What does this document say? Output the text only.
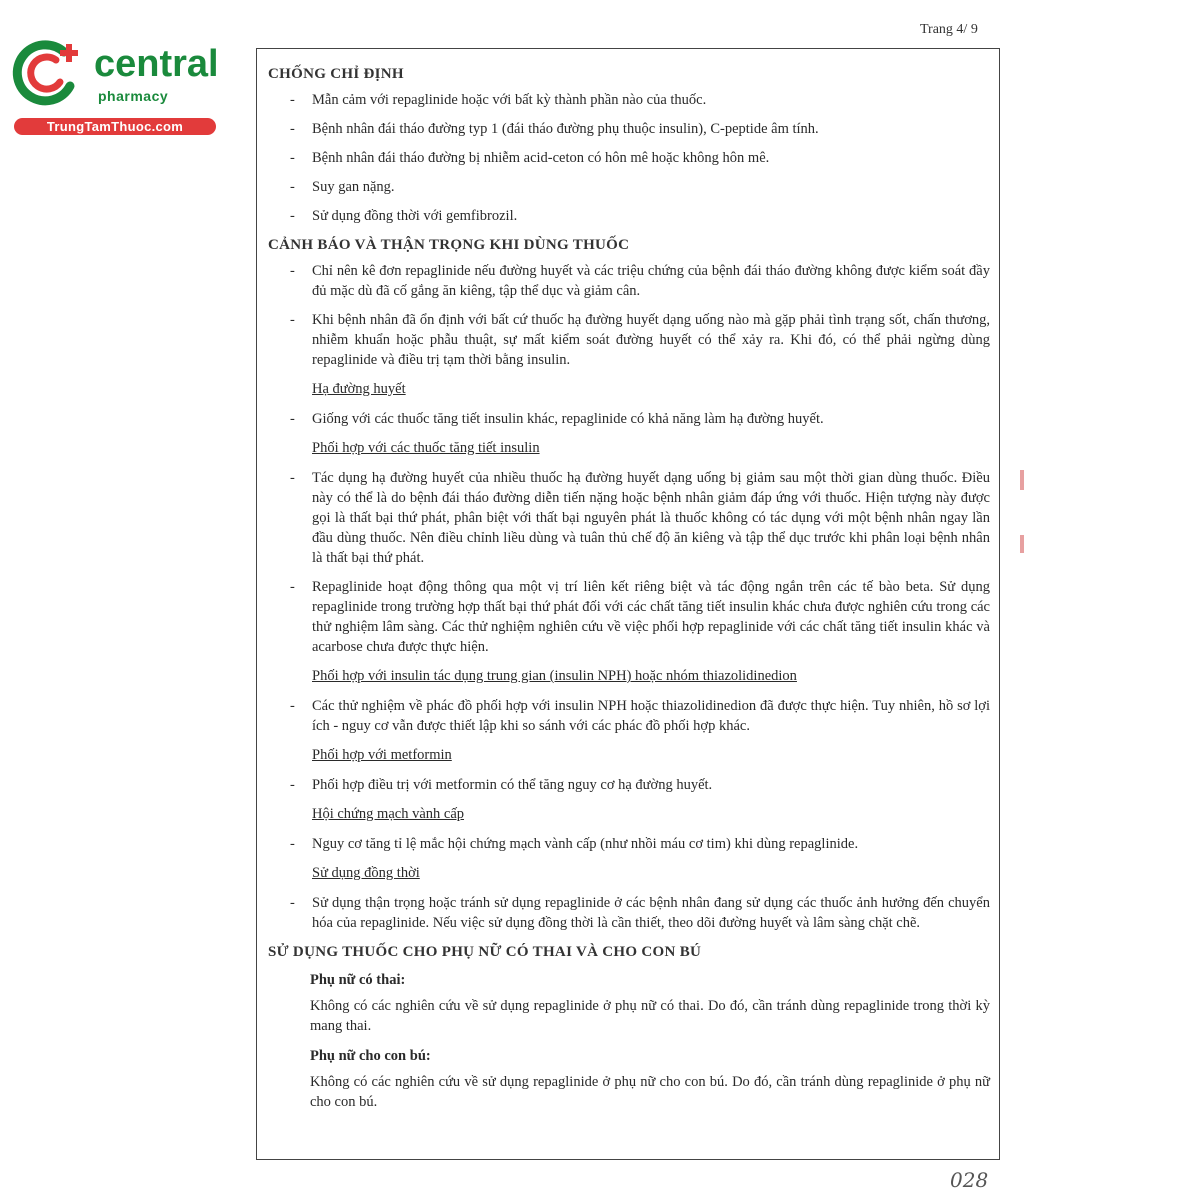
central
pharmacy
TrungTamThuoc.com
Trang 4/ 9
CHỐNG CHỈ ĐỊNH
- Mẫn cảm với repaglinide hoặc với bất kỳ thành phần nào của thuốc.
- Bệnh nhân đái tháo đường typ 1 (đái tháo đường phụ thuộc insulin), C-peptide âm tính.
- Bệnh nhân đái tháo đường bị nhiễm acid-ceton có hôn mê hoặc không hôn mê.
- Suy gan nặng.
- Sử dụng đồng thời với gemfibrozil.
CẢNH BÁO VÀ THẬN TRỌNG KHI DÙNG THUỐC
- Chỉ nên kê đơn repaglinide nếu đường huyết và các triệu chứng của bệnh đái tháo đường không được kiểm soát đầy đủ mặc dù đã cố gắng ăn kiêng, tập thể dục và giảm cân.
- Khi bệnh nhân đã ổn định với bất cứ thuốc hạ đường huyết dạng uống nào mà gặp phải tình trạng sốt, chấn thương, nhiễm khuẩn hoặc phẫu thuật, sự mất kiểm soát đường huyết có thể xảy ra. Khi đó, có thể phải ngừng dùng repaglinide và điều trị tạm thời bằng insulin.
Hạ đường huyết
- Giống với các thuốc tăng tiết insulin khác, repaglinide có khả năng làm hạ đường huyết.
Phối hợp với các thuốc tăng tiết insulin
- Tác dụng hạ đường huyết của nhiều thuốc hạ đường huyết dạng uống bị giảm sau một thời gian dùng thuốc. Điều này có thể là do bệnh đái tháo đường diễn tiến nặng hoặc bệnh nhân giảm đáp ứng với thuốc. Hiện tượng này được gọi là thất bại thứ phát, phân biệt với thất bại nguyên phát là thuốc không có tác dụng với một bệnh nhân ngay lần đầu dùng thuốc. Nên điều chỉnh liều dùng và tuân thủ chế độ ăn kiêng và tập thể dục trước khi phân loại bệnh nhân là thất bại thứ phát.
- Repaglinide hoạt động thông qua một vị trí liên kết riêng biệt và tác động ngắn trên các tế bào beta. Sử dụng repaglinide trong trường hợp thất bại thứ phát đối với các chất tăng tiết insulin khác chưa được nghiên cứu trong các thử nghiệm lâm sàng. Các thử nghiệm nghiên cứu về việc phối hợp repaglinide với các chất tăng tiết insulin khác và acarbose chưa được thực hiện.
Phối hợp với insulin tác dụng trung gian (insulin NPH) hoặc nhóm thiazolidinedion
- Các thử nghiệm về phác đồ phối hợp với insulin NPH hoặc thiazolidinedion đã được thực hiện. Tuy nhiên, hồ sơ lợi ích - nguy cơ vẫn được thiết lập khi so sánh với các phác đồ phối hợp khác.
Phối hợp với metformin
- Phối hợp điều trị với metformin có thể tăng nguy cơ hạ đường huyết.
Hội chứng mạch vành cấp
- Nguy cơ tăng tỉ lệ mắc hội chứng mạch vành cấp (như nhồi máu cơ tim) khi dùng repaglinide.
Sử dụng đồng thời
- Sử dụng thận trọng hoặc tránh sử dụng repaglinide ở các bệnh nhân đang sử dụng các thuốc ảnh hưởng đến chuyển hóa của repaglinide. Nếu việc sử dụng đồng thời là cần thiết, theo dõi đường huyết và lâm sàng chặt chẽ.
SỬ DỤNG THUỐC CHO PHỤ NỮ CÓ THAI VÀ CHO CON BÚ
Phụ nữ có thai:
Không có các nghiên cứu về sử dụng repaglinide ở phụ nữ có thai. Do đó, cần tránh dùng repaglinide trong thời kỳ mang thai.
Phụ nữ cho con bú:
Không có các nghiên cứu về sử dụng repaglinide ở phụ nữ cho con bú. Do đó, cần tránh dùng repaglinide ở phụ nữ cho con bú.
028
